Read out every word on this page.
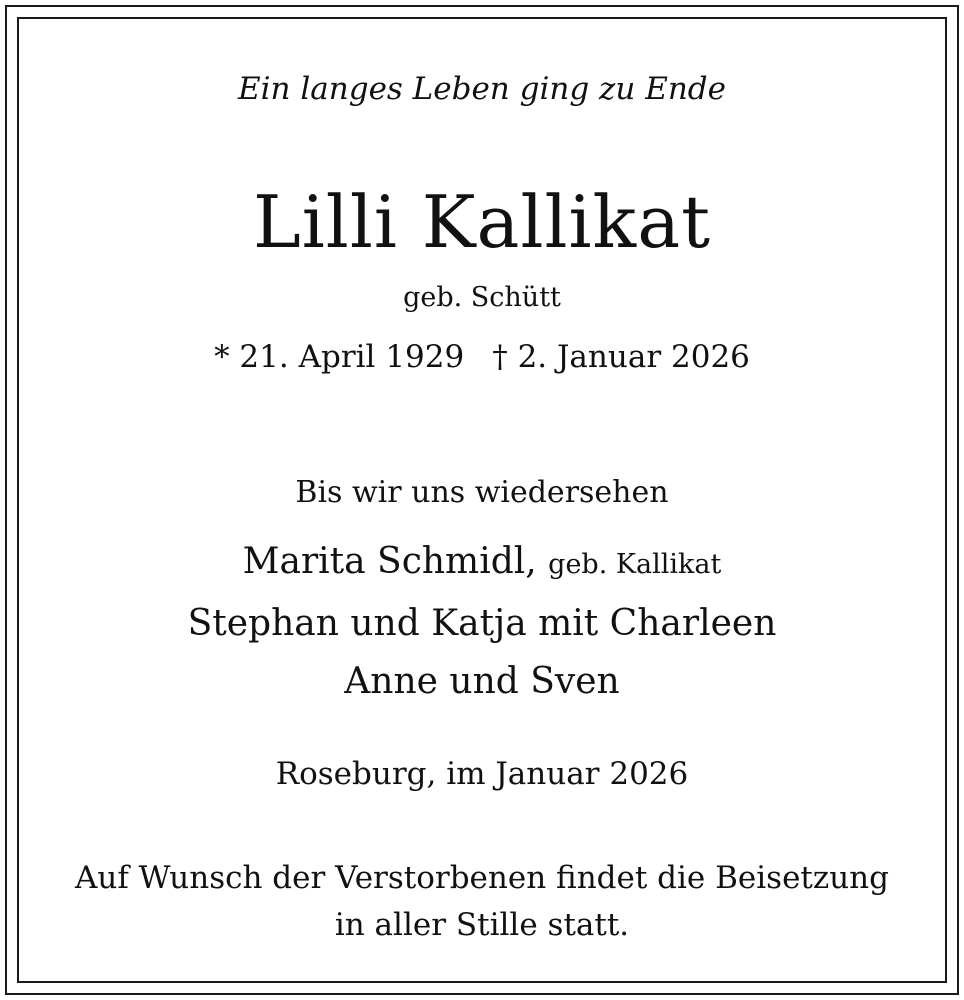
Ein langes Leben ging zu Ende
Lilli Kallikat
geb. Schütt
* 21. April 1929 † 2. Januar 2026
Bis wir uns wiedersehen
Marita Schmidl, geb. Kallikat
Stephan und Katja mit Charleen
Anne und Sven
Roseburg, im Januar 2026
Auf Wunsch der Verstorbenen findet die Beisetzung
in aller Stille statt.
